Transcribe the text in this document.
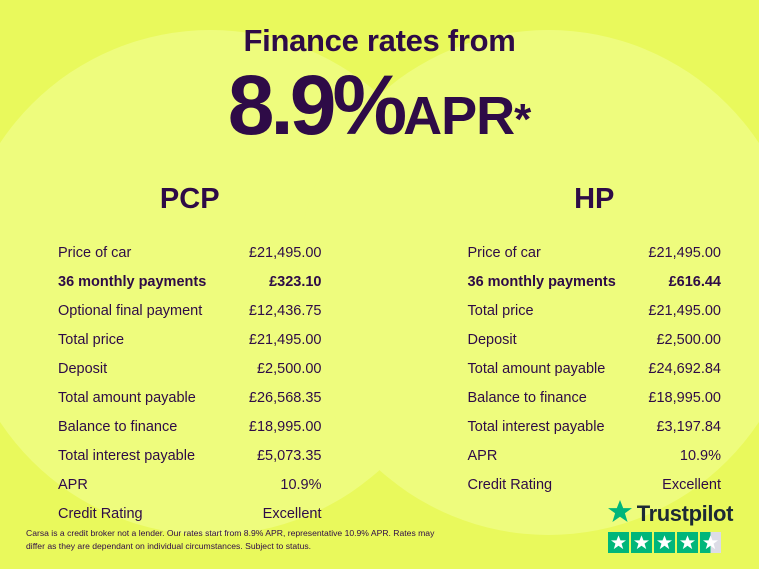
Finance rates from
8.9%APR*
PCP
Price of car	£21,495.00
36 monthly payments	£323.10
Optional final payment	£12,436.75
Total price	£21,495.00
Deposit	£2,500.00
Total amount payable	£26,568.35
Balance to finance	£18,995.00
Total interest payable	£5,073.35
APR	10.9%
Credit Rating	Excellent
HP
Price of car	£21,495.00
36 monthly payments	£616.44
Total price	£21,495.00
Deposit	£2,500.00
Total amount payable	£24,692.84
Balance to finance	£18,995.00
Total interest payable	£3,197.84
APR	10.9%
Credit Rating	Excellent
Carsa is a credit broker not a lender. Our rates start from 8.9% APR, representative 10.9% APR. Rates may differ as they are dependant on individual circumstances. Subject to status.
Trustpilot
